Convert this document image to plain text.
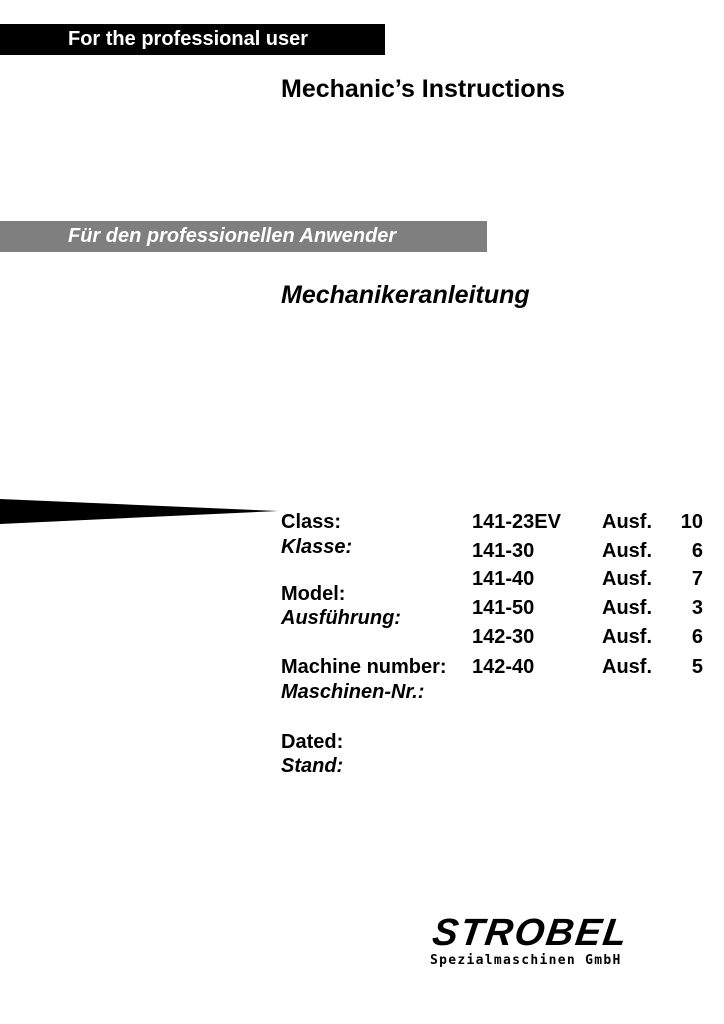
For the professional user
Mechanic’s Instructions
Für den professionellen Anwender
Mechanikeranleitung
Class:
Klasse:
Model:
Ausführung:
Machine number:
Maschinen-Nr.:
Dated:
Stand:
141-23EV Ausf. 10
141-30	Ausf. 6
141-40	Ausf. 7
141-50	Ausf. 3
142-30	Ausf. 6
142-40	Ausf. 5
STROBEL
Spezialmaschinen GmbH
